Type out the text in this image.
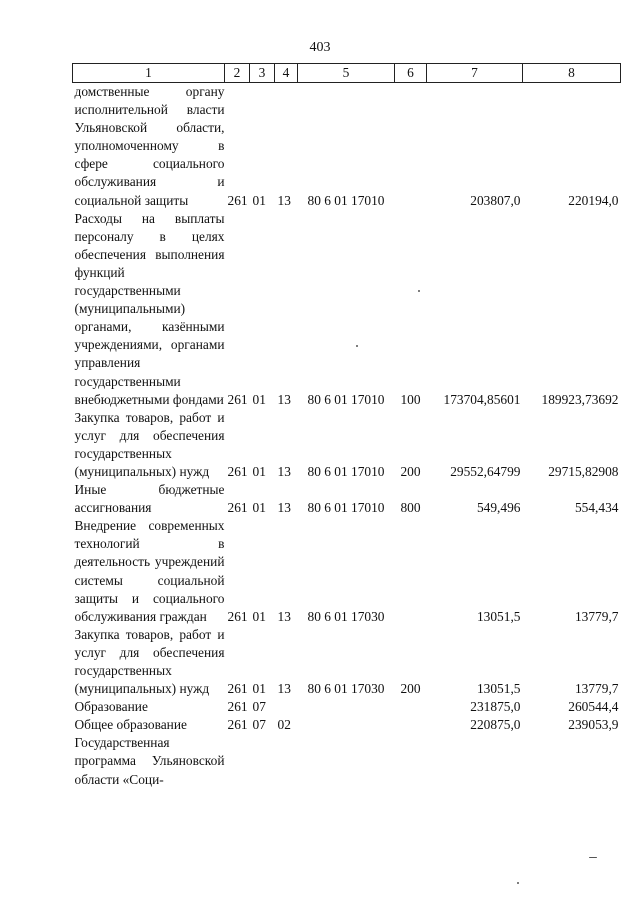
403
1	2	3	4	5	6	7	8
домственные органу исполнительной власти Ульяновской области, уполномоченному в сфере социального обслуживания и социальной защиты	261	01	13	80 6 01 17010		203807,0	220194,0
Расходы на выплаты персоналу в целях обеспечения выполнения функций государственными (муниципальными) органами, казёнными учреждениями, органами управления государственными внебюджетными фондами	261	01	13	80 6 01 17010	100	173704,85601	189923,73692
Закупка товаров, работ и услуг для обеспечения государственных (муниципальных) нужд	261	01	13	80 6 01 17010	200	29552,64799	29715,82908
Иные бюджетные ассигнования	261	01	13	80 6 01 17010	800	549,496	554,434
Внедрение современных технологий в деятельность учреждений системы социальной защиты и социального обслуживания граждан	261	01	13	80 6 01 17030		13051,5	13779,7
Закупка товаров, работ и услуг для обеспечения государственных (муниципальных) нужд	261	01	13	80 6 01 17030	200	13051,5	13779,7
Образование	261	07				231875,0	260544,4
Общее образование	261	07	02			220875,0	239053,9
Государственная программа Ульяновской области «Соци-							
